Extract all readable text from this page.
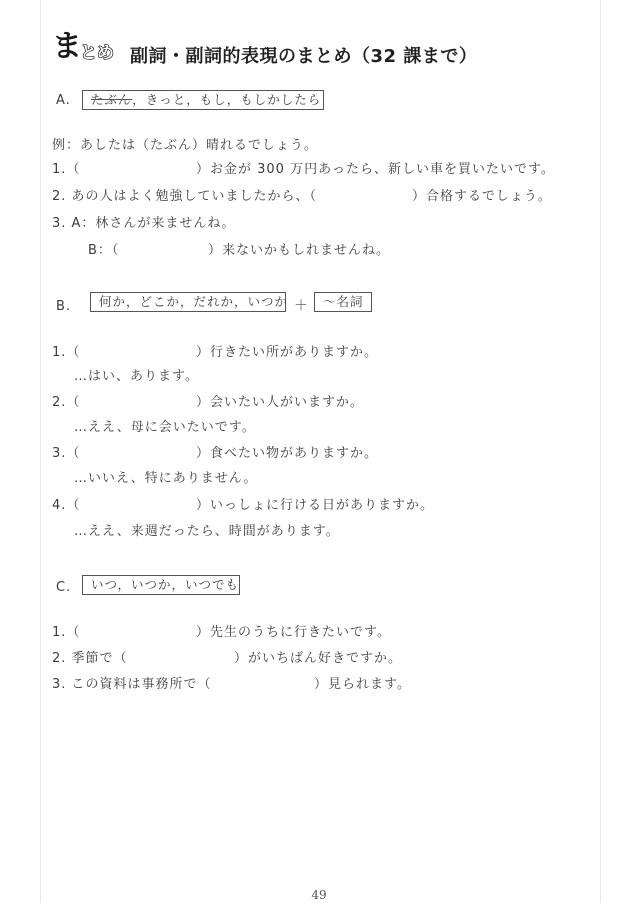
ま
とめ 副詞・副詞的表現のまとめ（32 課まで）
A.	たぶん，きっと，もし，もしかしたら
例：あしたは（たぶん）晴れるでしょう。
1.（	）お金が 300 万円あったら、新しい車を買いたいです。
2. あの人はよく勉強していましたから、（	）合格するでしょう。
3. A：林さんが来ませんね。
B：（	）来ないかもしれませんね。
B.	何か，どこか，だれか，いつか ＋	～名詞
1.（	）行きたい所がありますか。
…はい、あります。
2.（	）会いたい人がいますか。
…ええ、母に会いたいです。
3.（	）食べたい物がありますか。
…いいえ、特にありません。
4.（	）いっしょに行ける日がありますか。
…ええ、来週だったら、時間があります。
C.	いつ，いつか，いつでも
1.（	）先生のうちに行きたいです。
2. 季節で（	）がいちばん好きですか。
3. この資料は事務所で（	）見られます。
49
